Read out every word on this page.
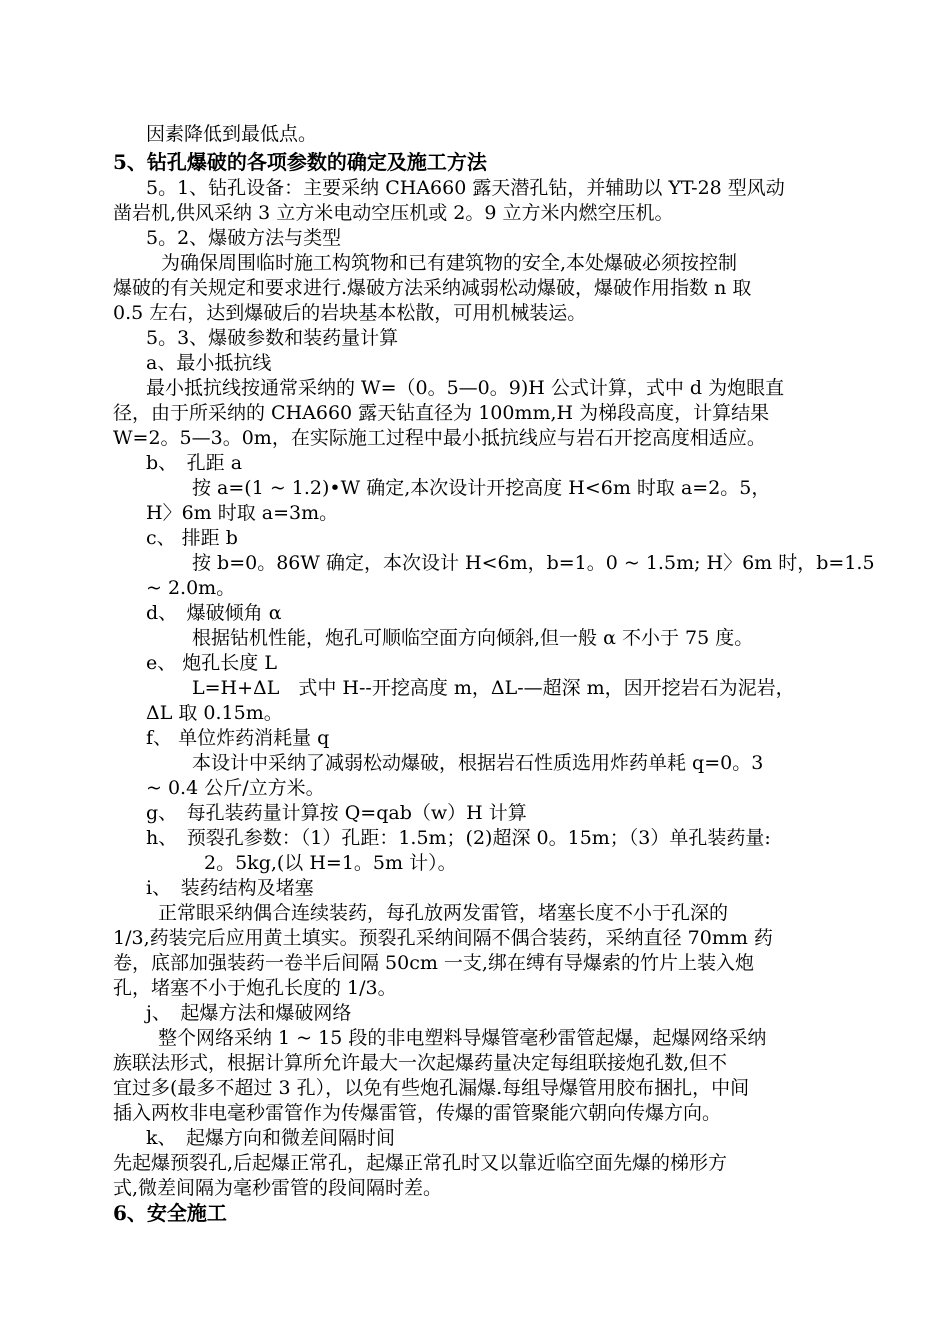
因素降低到最低点。
5、钻孔爆破的各项参数的确定及施工方法
5。1、钻孔设备：主要采纳 CHA660 露天潜孔钻，并辅助以 YT-28 型风动
凿岩机,供风采纳 3 立方米电动空压机或 2。9 立方米内燃空压机。
5。2、爆破方法与类型
为确保周围临时施工构筑物和已有建筑物的安全,本处爆破必须按控制
爆破的有关规定和要求进行.爆破方法采纳减弱松动爆破，爆破作用指数 n 取
0.5 左右，达到爆破后的岩块基本松散，可用机械装运。
5。3、爆破参数和装药量计算
a、最小抵抗线
最小抵抗线按通常采纳的 W=（0。5—0。9)H 公式计算，式中 d 为炮眼直
径，由于所采纳的 CHA660 露天钻直径为 100mm,H 为梯段高度，计算结果
W=2。5—3。0m，在实际施工过程中最小抵抗线应与岩石开挖高度相适应。
b、　孔距 a
按 a=(1 ~ 1.2)•W 确定,本次设计开挖高度 H<6m 时取 a=2。5，
H〉6m 时取 a=3m。
c、 排距 b
按 b=0。86W 确定，本次设计 H<6m，b=1。0 ~ 1.5m; H〉6m 时，b=1.5
~ 2.0m。
d、　爆破倾角 α
根据钻机性能，炮孔可顺临空面方向倾斜,但一般 α 不小于 75 度。
e、 炮孔长度 L
L=H+ΔL　式中 H--开挖高度 m，ΔL-—超深 m，因开挖岩石为泥岩，
ΔL 取 0.15m。
f、 单位炸药消耗量 q
本设计中采纳了减弱松动爆破，根据岩石性质选用炸药单耗 q=0。3
~ 0.4 公斤/立方米。
g、　每孔装药量计算按 Q=qab（w）H 计算
h、　预裂孔参数：（1）孔距：1.5m；(2)超深 0。15m；（3）单孔装药量:
2。5kg,(以 H=1。5m 计）。
i、　装药结构及堵塞
正常眼采纳偶合连续装药，每孔放两发雷管，堵塞长度不小于孔深的
1/3,药装完后应用黄土填实。预裂孔采纳间隔不偶合装药，采纳直径 70mm 药
卷，底部加强装药一卷半后间隔 50cm 一支,绑在缚有导爆索的竹片上装入炮
孔，堵塞不小于炮孔长度的 1/3。
j、　起爆方法和爆破网络
整个网络采纳 1 ~ 15 段的非电塑料导爆管毫秒雷管起爆，起爆网络采纳
族联法形式，根据计算所允许最大一次起爆药量决定每组联接炮孔数,但不
宜过多(最多不超过 3 孔），以免有些炮孔漏爆.每组导爆管用胶布捆扎，中间
插入两枚非电毫秒雷管作为传爆雷管，传爆的雷管聚能穴朝向传爆方向。
k、　起爆方向和微差间隔时间
先起爆预裂孔,后起爆正常孔，起爆正常孔时又以靠近临空面先爆的梯形方
式,微差间隔为毫秒雷管的段间隔时差。
6、安全施工
